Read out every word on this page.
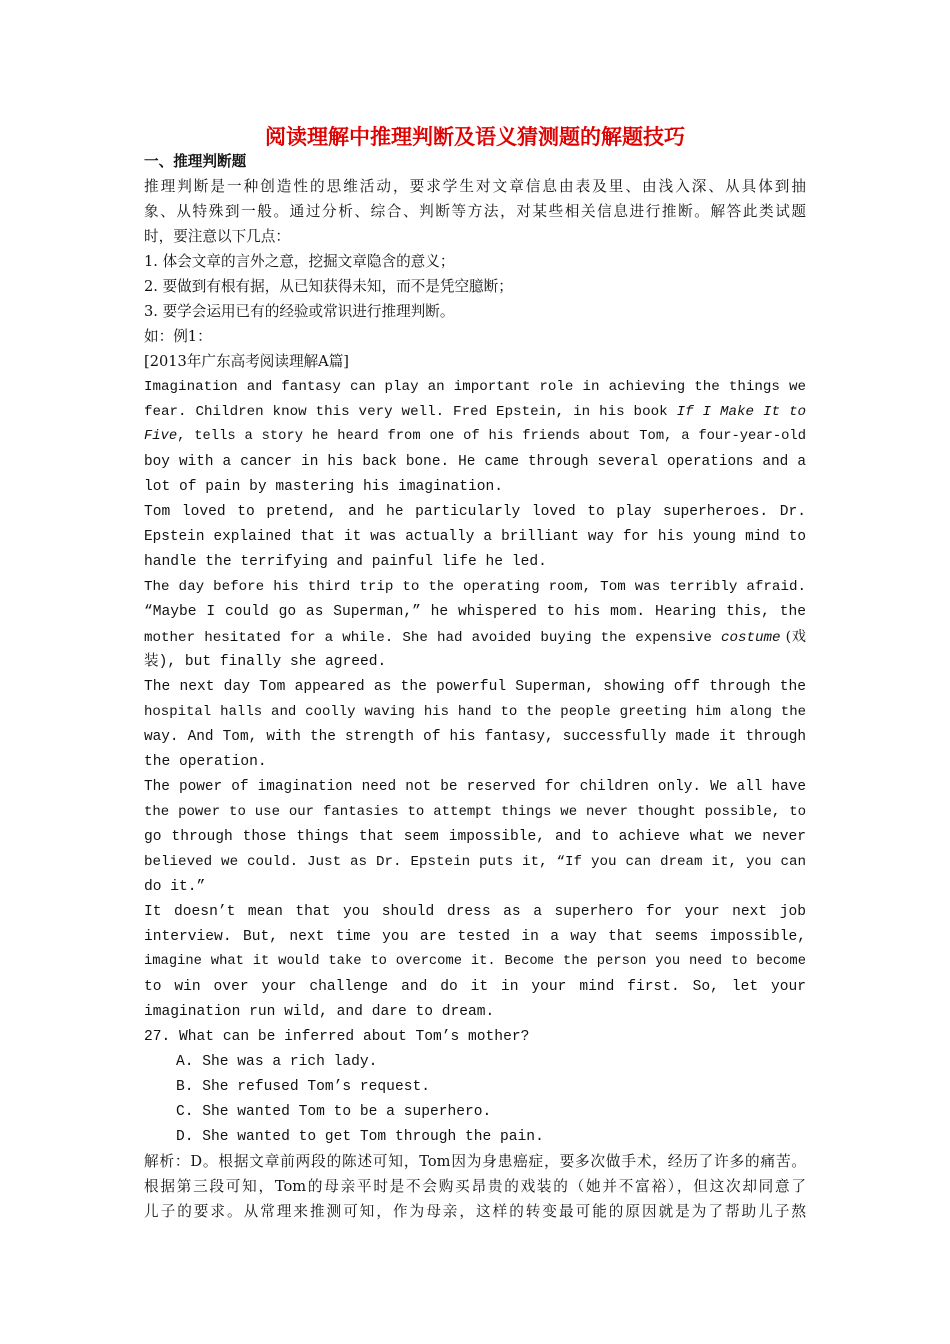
阅读理解中推理判断及语义猜测题的解题技巧
一、推理判断题
推理判断是一种创造性的思维活动，要求学生对文章信息由表及里、由浅入深、从具体到抽
象、从特殊到一般。通过分析、综合、判断等方法，对某些相关信息进行推断。解答此类试题
时，要注意以下几点：
1. 体会文章的言外之意，挖掘文章隐含的意义；
2. 要做到有根有据，从已知获得未知，而不是凭空臆断；
3. 要学会运用已有的经验或常识进行推理判断。
如：例1：
[2013年广东高考阅读理解A篇]
Imagination and fantasy can play an important role in achieving the things we
fear. Children know this very well. Fred Epstein, in his book If I Make It to
Five, tells a story he heard from one of his friends about Tom, a four-year-old
boy with a cancer in his back bone. He came through several operations and a
lot of pain by mastering his imagination.
Tom loved to pretend, and he particularly loved to play superheroes. Dr.
Epstein explained that it was actually a brilliant way for his young mind to
handle the terrifying and painful life he led.
The day before his third trip to the operating room, Tom was terribly afraid.
“Maybe I could go as Superman,” he whispered to his mom. Hearing this, the
mother hesitated for a while. She had avoided buying the expensive costume (戏
装), but finally she agreed.
The next day Tom appeared as the powerful Superman, showing off through the
hospital halls and coolly waving his hand to the people greeting him along the
way. And Tom, with the strength of his fantasy, successfully made it through
the operation.
The power of imagination need not be reserved for children only. We all have
the power to use our fantasies to attempt things we never thought possible, to
go through those things that seem impossible, and to achieve what we never
believed we could. Just as Dr. Epstein puts it, “If you can dream it, you can
do it.”
It doesn’t mean that you should dress as a superhero for your next job
interview. But, next time you are tested in a way that seems impossible,
imagine what it would take to overcome it. Become the person you need to become
to win over your challenge and do it in your mind first. So, let your
imagination run wild, and dare to dream.
27. What can be inferred about Tom’s mother?
A. She was a rich lady.
B. She refused Tom’s request.
C. She wanted Tom to be a superhero.
D. She wanted to get Tom through the pain.
解析：D。根据文章前两段的陈述可知，Tom因为身患癌症，要多次做手术，经历了许多的痛苦。
根据第三段可知，Tom的母亲平时是不会购买昂贵的戏装的（她并不富裕），但这次却同意了
儿子的要求。从常理来推测可知，作为母亲，这样的转变最可能的原因就是为了帮助儿子熬
